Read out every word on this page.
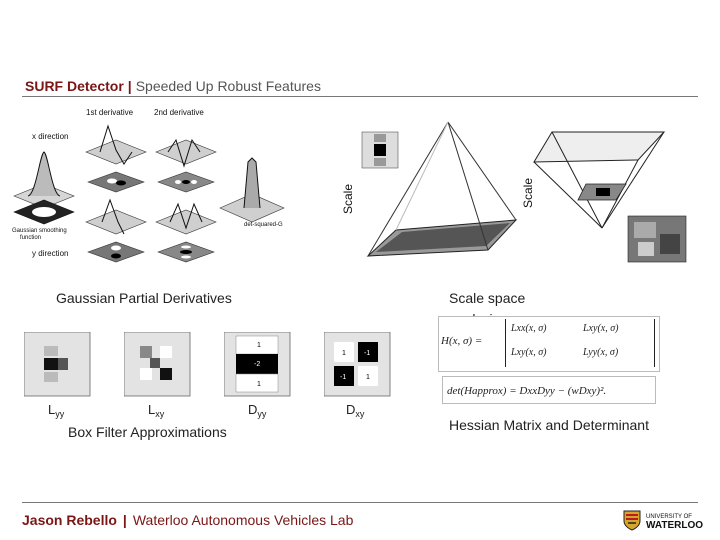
SURF Detector | Speeded Up Robust Features
1st derivative	2nd derivative
x direction
y direction
Gaussian smoothing
function
det-squared-G
Scale	Scale
Gaussian Partial Derivatives	Scale space
1
-2
1
1	-1
-1	1
$L_{yy}$	$L_{xy}$	$D_{yy}$	$D_{xy}$
Box Filter Approximations
H(x, σ) =
Lxx(x, σ)	Lxy(x, σ)
Lxy(x, σ)	Lyy(x, σ)
det(Happrox) = DxxDyy − (wDxy)².
Hessian Matrix and Determinant
Jason Rebello | Waterloo Autonomous Vehicles Lab	UNIVERSITY OF
WATERLOO
